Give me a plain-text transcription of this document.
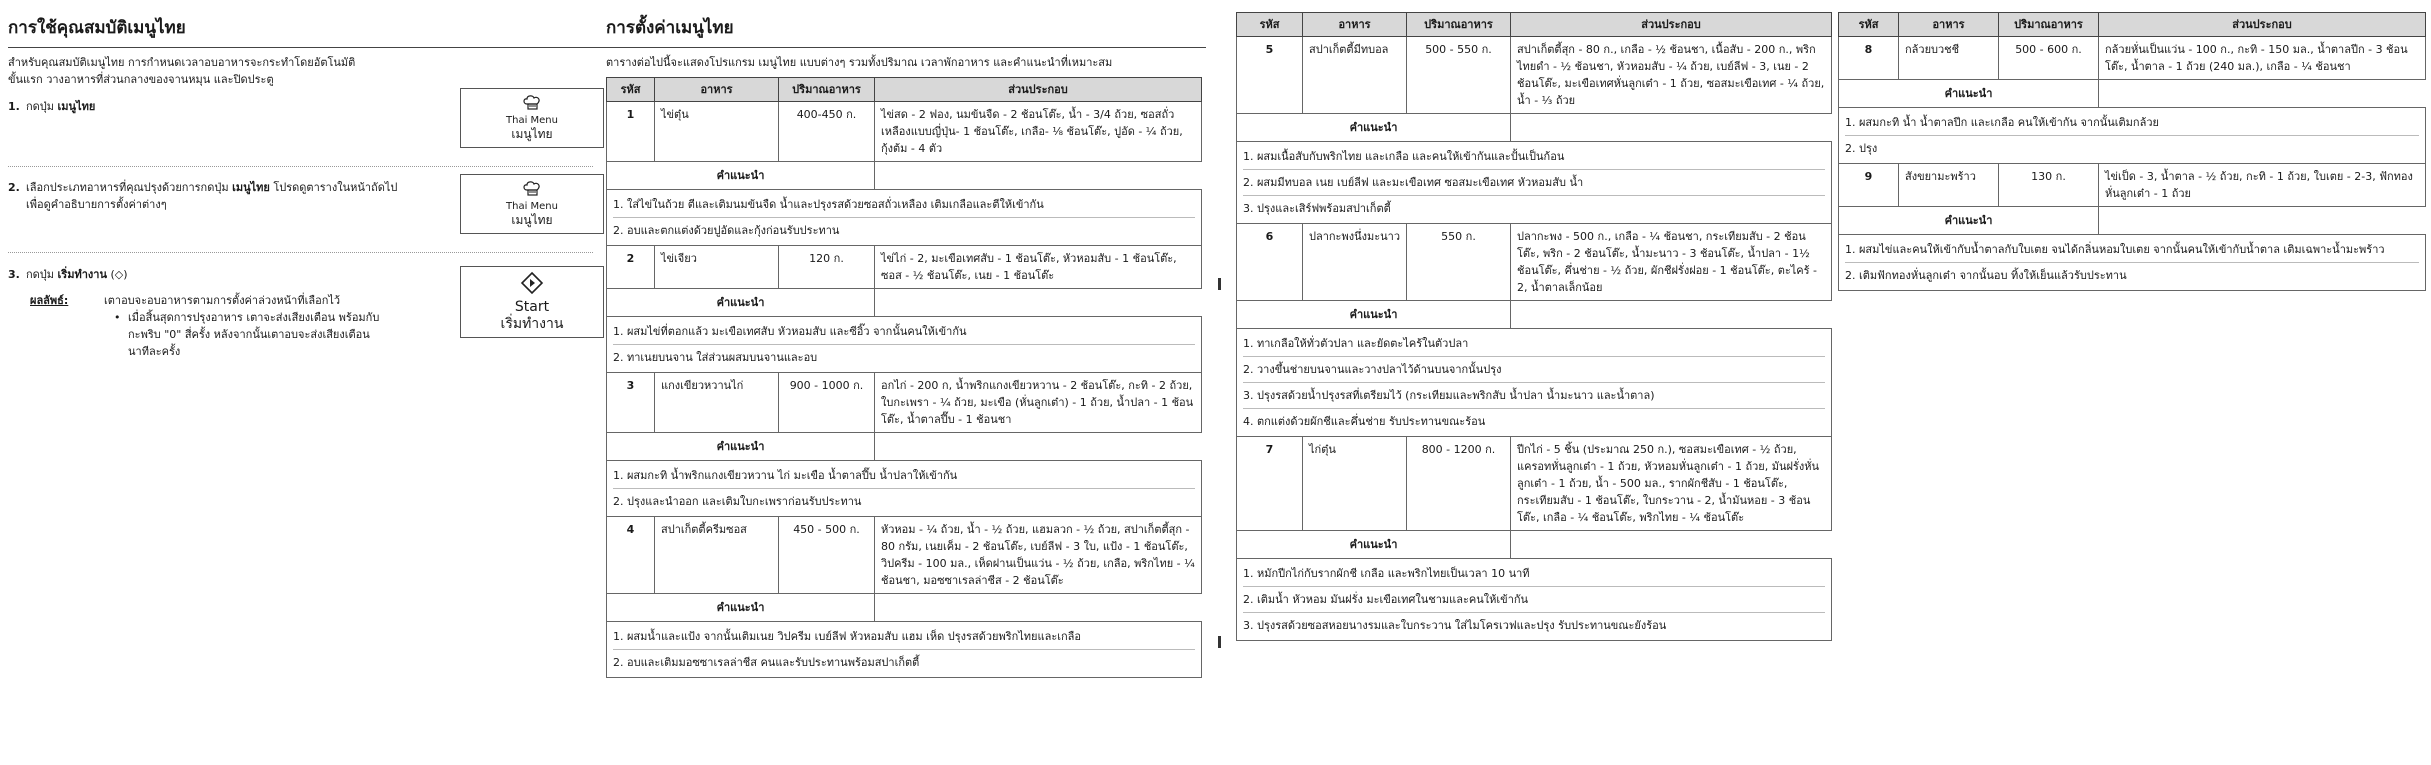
การใช้คุณสมบัติเมนูไทย
สำหรับคุณสมบัติเมนูไทย การกำหนดเวลาอบอาหารจะกระทำโดยอัตโนมัติ
ขั้นแรก วางอาหารที่ส่วนกลางของจานหมุน และปิดประตู
1. กดปุ่ม เมนูไทย
Thai Menu
เมนูไทย
2. เลือกประเภทอาหารที่คุณปรุงด้วยการกดปุ่ม เมนูไทย โปรดดูตารางในหน้าถัดไป
เพื่อดูคำอธิบายการตั้งค่าต่างๆ	Thai Menu
เมนูไทย
3. กดปุ่ม เริ่มทำงาน (◇)
Start
เริ่มทำงาน
ผลลัพธ์:	เตาอบจะอบอาหารตามการตั้งค่าล่วงหน้าที่เลือกไว้
• เมื่อสิ้นสุดการปรุงอาหาร เตาจะส่งเสียงเตือน พร้อมกับ
กะพริบ "0" สี่ครั้ง หลังจากนั้นเตาอบจะส่งเสียงเตือน
นาทีละครั้ง
การตั้งค่าเมนูไทย
ตารางต่อไปนี้จะแสดงโปรแกรม เมนูไทย แบบต่างๆ รวมทั้งปริมาณ เวลาพักอาหาร และคำแนะนำที่เหมาะสม
รหัส	อาหาร	ปริมาณอาหาร	ส่วนประกอบ
1	ไข่ตุ๋น	400-450 ก.	ไข่สด - 2 ฟอง, นมข้นจืด - 2 ช้อนโต๊ะ, น้ำ - 3/4 ถ้วย, ซอสถั่วเหลืองแบบญี่ปุ่น- 1 ช้อนโต๊ะ, เกลือ- ⅛ ช้อนโต๊ะ, ปูอัด - ¼ ถ้วย, กุ้งต้ม - 4 ตัว
คำแนะนำ			

1. ใส่ไข่ในถ้วย ตีและเติมนมข้นจืด น้ำและปรุงรสด้วยซอสถั่วเหลือง เติมเกลือและตีให้เข้ากัน
2. อบและตกแต่งด้วยปูอัดและกุ้งก่อนรับประทาน			

2	ไข่เจียว	120 ก.	ไข่ไก่ - 2, มะเขือเทศสับ - 1 ช้อนโต๊ะ, หัวหอมสับ - 1 ช้อนโต๊ะ, ซอส - ½ ช้อนโต๊ะ, เนย - 1 ช้อนโต๊ะ
คำแนะนำ			

1. ผสมไข่ที่ตอกแล้ว มะเขือเทศสับ หัวหอมสับ และซีอิ๊ว จากนั้นคนให้เข้ากัน
2. ทาเนยบนจาน ใส่ส่วนผสมบนจานและอบ			

3	แกงเขียวหวานไก่	900 - 1000 ก.	อกไก่ - 200 ก, น้ำพริกแกงเขียวหวาน - 2 ช้อนโต๊ะ, กะทิ - 2 ถ้วย, ใบกะเพรา - ¼ ถ้วย, มะเขือ (หั่นลูกเต๋า) - 1 ถ้วย, น้ำปลา - 1 ช้อนโต๊ะ, น้ำตาลปี๊บ - 1 ช้อนชา
คำแนะนำ			

1. ผสมกะทิ น้ำพริกแกงเขียวหวาน ไก่ มะเขือ น้ำตาลปี๊บ น้ำปลาให้เข้ากัน
2. ปรุงและนำออก และเติมใบกะเพราก่อนรับประทาน			

4	สปาเก็ตตี้ครีมซอส	450 - 500 ก.	หัวหอม - ¼ ถ้วย, น้ำ - ½ ถ้วย, แฮมลวก - ½ ถ้วย, สปาเก็ตตี้สุก - 80 กรัม, เนยเค็ม - 2 ช้อนโต๊ะ, เบย์ลีฟ - 3 ใบ, แป้ง - 1 ช้อนโต๊ะ, วิปครีม - 100 มล., เห็ดฝานเป็นแว่น - ½ ถ้วย, เกลือ, พริกไทย - ¼ ช้อนชา, มอซซาเรลล่าชีส - 2 ช้อนโต๊ะ
คำแนะนำ			

1. ผสมน้ำและแป้ง จากนั้นเติมเนย วิปครีม เบย์ลีฟ หัวหอมสับ แฮม เห็ด ปรุงรสด้วยพริกไทยและเกลือ
2. อบและเติมมอซซาเรลล่าชีส คนและรับประทานพร้อมสปาเก็ตตี้			
รหัส	อาหาร	ปริมาณอาหาร	ส่วนประกอบ
5	สปาเก็ตตี้มีทบอล	500 - 550 ก.	สปาเก็ตตี้สุก - 80 ก., เกลือ - ½ ช้อนชา, เนื้อสับ - 200 ก., พริกไทยดำ - ½ ช้อนชา, หัวหอมสับ - ¼ ถ้วย, เบย์ลีฟ - 3, เนย - 2 ช้อนโต๊ะ, มะเขือเทศหั่นลูกเต๋า - 1 ถ้วย, ซอสมะเขือเทศ - ¼ ถ้วย, น้ำ - ⅓ ถ้วย
คำแนะนำ			

1. ผสมเนื้อสับกับพริกไทย และเกลือ และคนให้เข้ากันและปั้นเป็นก้อน
2. ผสมมีทบอล เนย เบย์ลีฟ และมะเขือเทศ ซอสมะเขือเทศ หัวหอมสับ น้ำ
3. ปรุงและเสิร์ฟพร้อมสปาเก็ตตี้			

6	ปลากะพงนึ่งมะนาว	550 ก.	ปลากะพง - 500 ก., เกลือ - ¼ ช้อนชา, กระเทียมสับ - 2 ช้อนโต๊ะ, พริก - 2 ช้อนโต๊ะ, น้ำมะนาว - 3 ช้อนโต๊ะ, น้ำปลา - 1½ ช้อนโต๊ะ, คึ่นช่าย - ½ ถ้วย, ผักชีฝรั่งฝอย - 1 ช้อนโต๊ะ, ตะไคร้ - 2, น้ำตาลเล็กน้อย
คำแนะนำ			

1. ทาเกลือให้ทั่วตัวปลา และยัดตะไคร้ในตัวปลา
2. วางขึ้นช่ายบนจานและวางปลาไว้ด้านบนจากนั้นปรุง
3. ปรุงรสด้วยน้ำปรุงรสที่เตรียมไว้ (กระเทียมและพริกสับ น้ำปลา น้ำมะนาว และน้ำตาล)
4. ตกแต่งด้วยผักชีและคึ่นช่าย รับประทานขณะร้อน			

7	ไก่ตุ๋น	800 - 1200 ก.	ปีกไก่ - 5 ชิ้น (ประมาณ 250 ก.), ซอสมะเขือเทศ - ½ ถ้วย, แครอทหั่นลูกเต๋า - 1 ถ้วย, หัวหอมหั่นลูกเต๋า - 1 ถ้วย, มันฝรั่งหั่นลูกเต๋า - 1 ถ้วย, น้ำ - 500 มล., รากผักชีสับ - 1 ช้อนโต๊ะ, กระเทียมสับ - 1 ช้อนโต๊ะ, ใบกระวาน - 2, น้ำมันหอย - 3 ช้อนโต๊ะ, เกลือ - ¼ ช้อนโต๊ะ, พริกไทย - ¼ ช้อนโต๊ะ
คำแนะนำ			

1. หมักปีกไก่กับรากผักชี เกลือ และพริกไทยเป็นเวลา 10 นาที
2. เติมน้ำ หัวหอม มันฝรั่ง มะเขือเทศในชามและคนให้เข้ากัน
3. ปรุงรสด้วยซอสหอยนางรมและใบกระวาน ใส่ไมโครเวฟและปรุง รับประทานขณะยังร้อน			
รหัส	อาหาร	ปริมาณอาหาร	ส่วนประกอบ
8	กล้วยบวชชี	500 - 600 ก.	กล้วยหั่นเป็นแว่น - 100 ก., กะทิ - 150 มล., น้ำตาลปีก - 3 ช้อนโต๊ะ, น้ำตาล - 1 ถ้วย (240 มล.), เกลือ - ¼ ช้อนชา
คำแนะนำ			

1. ผสมกะทิ น้ำ น้ำตาลปีก และเกลือ คนให้เข้ากัน จากนั้นเติมกล้วย
2. ปรุง			

9	สังขยามะพร้าว	130 ก.	ไข่เป็ด - 3, น้ำตาล - ½ ถ้วย, กะทิ - 1 ถ้วย, ใบเตย - 2-3, ฟักทองหั่นลูกเต๋า - 1 ถ้วย
คำแนะนำ			

1. ผสมไข่และคนให้เข้ากับน้ำตาลกับใบเตย จนได้กลิ่นหอมใบเตย จากนั้นคนให้เข้ากับน้ำตาล เติมเฉพาะน้ำมะพร้าว
2. เติมฟักทองหั่นลูกเต๋า จากนั้นอบ ทิ้งให้เย็นแล้วรับประทาน			
